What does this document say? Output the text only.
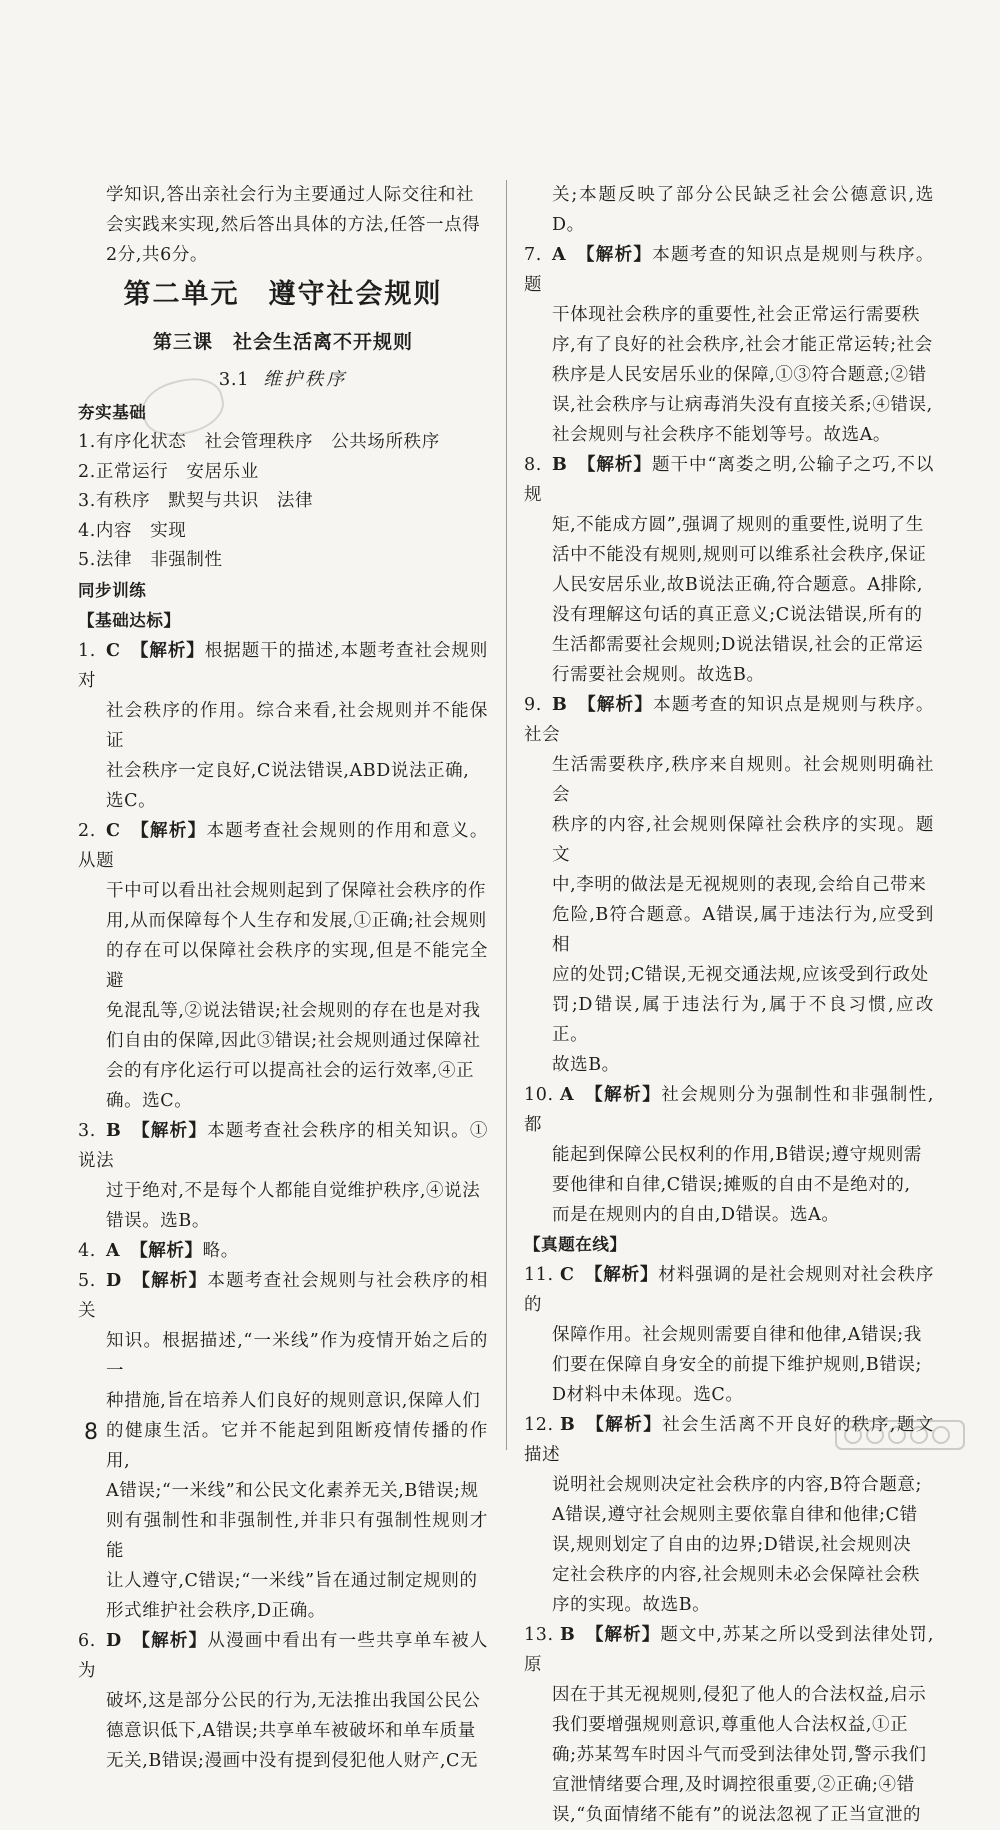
学知识,答出亲社会行为主要通过人际交往和社

会实践来实现,然后答出具体的方法,任答一点得

2分,共6分。

第二单元　遵守社会规则
第三课　社会生活离不开规则
3.1 维护秩序
夯实基础
1.有序化状态　社会管理秩序　公共场所秩序
2.正常运行　安居乐业
3.有秩序　默契与共识　法律
4.内容　实现
5.法律　非强制性
同步训练
【基础达标】

1. C 【解析】根据题干的描述,本题考查社会规则对

社会秩序的作用。综合来看,社会规则并不能保证

社会秩序一定良好,C说法错误,ABD说法正确,

选C。

2. C 【解析】本题考查社会规则的作用和意义。从题

干中可以看出社会规则起到了保障社会秩序的作

用,从而保障每个人生存和发展,①正确;社会规则

的存在可以保障社会秩序的实现,但是不能完全避

免混乱等,②说法错误;社会规则的存在也是对我

们自由的保障,因此③错误;社会规则通过保障社

会的有序化运行可以提高社会的运行效率,④正

确。选C。

3. B 【解析】本题考查社会秩序的相关知识。①说法

过于绝对,不是每个人都能自觉维护秩序,④说法

错误。选B。

4. A 【解析】略。

5. D 【解析】本题考查社会规则与社会秩序的相关

知识。根据描述,“一米线”作为疫情开始之后的一

种措施,旨在培养人们良好的规则意识,保障人们

的健康生活。它并不能起到阻断疫情传播的作用,

A错误;“一米线”和公民文化素养无关,B错误;规

则有强制性和非强制性,并非只有强制性规则才能

让人遵守,C错误;“一米线”旨在通过制定规则的

形式维护社会秩序,D正确。

6. D 【解析】从漫画中看出有一些共享单车被人为

破坏,这是部分公民的行为,无法推出我国公民公

德意识低下,A错误;共享单车被破坏和单车质量

无关,B错误;漫画中没有提到侵犯他人财产,C无

关;本题反映了部分公民缺乏社会公德意识,选D。

7. A 【解析】本题考查的知识点是规则与秩序。题

干体现社会秩序的重要性,社会正常运行需要秩

序,有了良好的社会秩序,社会才能正常运转;社会

秩序是人民安居乐业的保障,①③符合题意;②错

误,社会秩序与让病毒消失没有直接关系;④错误,

社会规则与社会秩序不能划等号。故选A。

8. B 【解析】题干中“离娄之明,公输子之巧,不以规

矩,不能成方圆”,强调了规则的重要性,说明了生

活中不能没有规则,规则可以维系社会秩序,保证

人民安居乐业,故B说法正确,符合题意。A排除,

没有理解这句话的真正意义;C说法错误,所有的

生活都需要社会规则;D说法错误,社会的正常运

行需要社会规则。故选B。

9. B 【解析】本题考查的知识点是规则与秩序。社会

生活需要秩序,秩序来自规则。社会规则明确社会

秩序的内容,社会规则保障社会秩序的实现。题文

中,李明的做法是无视规则的表现,会给自己带来

危险,B符合题意。A错误,属于违法行为,应受到相

应的处罚;C错误,无视交通法规,应该受到行政处

罚;D错误,属于违法行为,属于不良习惯,应改正。

故选B。

10. A 【解析】社会规则分为强制性和非强制性,都

能起到保障公民权利的作用,B错误;遵守规则需

要他律和自律,C错误;摊贩的自由不是绝对的,

而是在规则内的自由,D错误。选A。

【真题在线】

11. C 【解析】材料强调的是社会规则对社会秩序的

保障作用。社会规则需要自律和他律,A错误;我

们要在保障自身安全的前提下维护规则,B错误;

D材料中未体现。选C。

12. B 【解析】社会生活离不开良好的秩序,题文描述

说明社会规则决定社会秩序的内容,B符合题意;

A错误,遵守社会规则主要依靠自律和他律;C错

误,规则划定了自由的边界;D错误,社会规则决

定社会秩序的内容,社会规则未必会保障社会秩

序的实现。故选B。

13. B 【解析】题文中,苏某之所以受到法律处罚,原

因在于其无视规则,侵犯了他人的合法权益,启示

我们要增强规则意识,尊重他人合法权益,①正

确;苏某驾车时因斗气而受到法律处罚,警示我们

宣泄情绪要合理,及时调控很重要,②正确;④错

误,“负面情绪不能有”的说法忽视了正当宣泄的

8
